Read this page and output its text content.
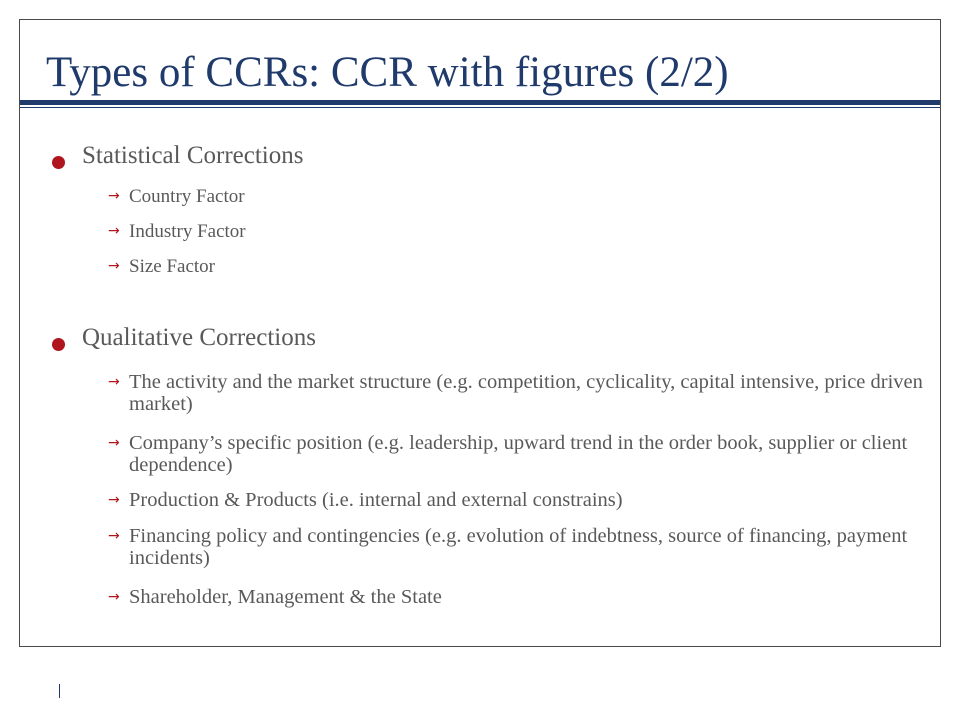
Types of CCRs: CCR with figures (2/2)
Statistical Corrections
→ Country Factor
→ Industry Factor
→ Size Factor
Qualitative Corrections
→ The activity and the market structure (e.g. competition, cyclicality, capital intensive, price driven market)
→ Company’s specific position (e.g. leadership, upward trend in the order book, supplier or client dependence)
→ Production & Products (i.e. internal and external constrains)
→ Financing policy and contingencies (e.g. evolution of indebtness, source of financing, payment incidents)
→ Shareholder, Management & the State
